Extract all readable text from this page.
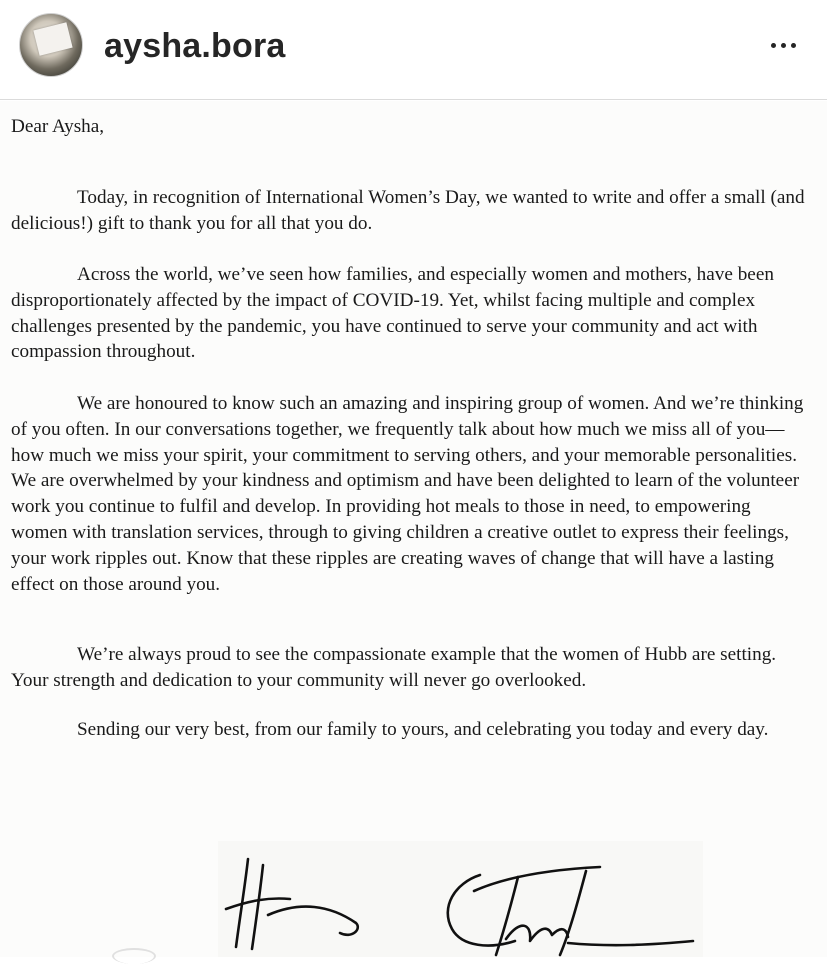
aysha.bora

Dear Aysha,

Today, in recognition of International Women’s Day, we wanted to write and offer a small (and delicious!) gift to thank you for all that you do.

Across the world, we’ve seen how families, and especially women and mothers, have been disproportionately affected by the impact of COVID-19. Yet, whilst facing multiple and complex challenges presented by the pandemic, you have continued to serve your community and act with compassion throughout.

We are honoured to know such an amazing and inspiring group of women. And we’re thinking of you often. In our conversations together, we frequently talk about how much we miss all of you—how much we miss your spirit, your commitment to serving others, and your memorable personalities. We are overwhelmed by your kindness and optimism and have been delighted to learn of the volunteer work you continue to fulfil and develop. In providing hot meals to those in need, to empowering women with translation services, through to giving children a creative outlet to express their feelings, your work ripples out. Know that these ripples are creating waves of change that will have a lasting effect on those around you.

We’re always proud to see the compassionate example that the women of Hubb are setting. Your strength and dedication to your community will never go overlooked.

Sending our very best, from our family to yours, and celebrating you today and every day.
